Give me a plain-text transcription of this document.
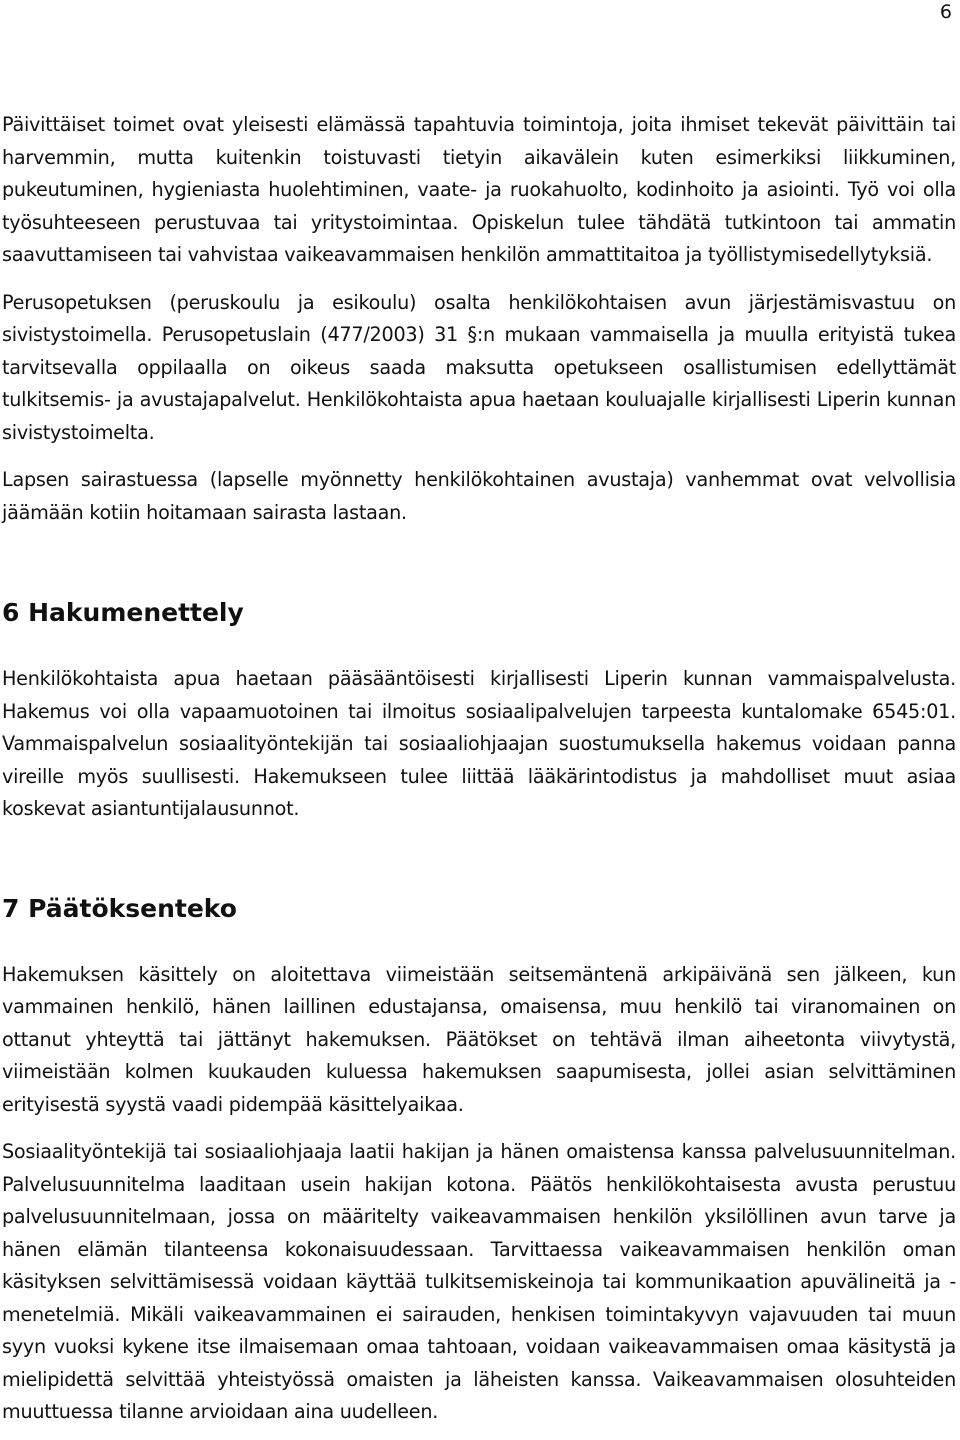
6

Päivittäiset toimet ovat yleisesti elämässä tapahtuvia toimintoja, joita ihmiset tekevät päivittäin tai harvemmin, mutta kuitenkin toistuvasti tietyin aikavälein kuten esimerkiksi liikkuminen, pukeutuminen, hygieniasta huolehtiminen, vaate- ja ruokahuolto, kodinhoito ja asiointi. Työ voi olla työsuhteeseen perustuvaa tai yritystoimintaa. Opiskelun tulee tähdätä tutkintoon tai ammatin saavuttamiseen tai vahvistaa vaikeavammaisen henkilön ammattitaitoa ja työllistymisedellytyksiä.

Perusopetuksen (peruskoulu ja esikoulu) osalta henkilökohtaisen avun järjestämisvastuu on sivistystoimella. Perusopetuslain (477/2003) 31 §:n mukaan vammaisella ja muulla erityistä tukea tarvitsevalla oppilaalla on oikeus saada maksutta opetukseen osallistumisen edellyttämät tulkitsemis- ja avustajapalvelut. Henkilökohtaista apua haetaan kouluajalle kirjallisesti Liperin kunnan sivistystoimelta.

Lapsen sairastuessa (lapselle myönnetty henkilökohtainen avustaja) vanhemmat ovat velvollisia jäämään kotiin hoitamaan sairasta lastaan.

6 Hakumenettely

Henkilökohtaista apua haetaan pääsääntöisesti kirjallisesti Liperin kunnan vammaispalvelusta. Hakemus voi olla vapaamuotoinen tai ilmoitus sosiaalipalvelujen tarpeesta kuntalomake 6545:01. Vammaispalvelun sosiaalityöntekijän tai sosiaaliohjaajan suostumuksella hakemus voidaan panna vireille myös suullisesti. Hakemukseen tulee liittää lääkärintodistus ja mahdolliset muut asiaa koskevat asiantuntijalausunnot.

7 Päätöksenteko

Hakemuksen käsittely on aloitettava viimeistään seitsemäntenä arkipäivänä sen jälkeen, kun vammainen henkilö, hänen laillinen edustajansa, omaisensa, muu henkilö tai viranomainen on ottanut yhteyttä tai jättänyt hakemuksen. Päätökset on tehtävä ilman aiheetonta viivytystä, viimeistään kolmen kuukauden kuluessa hakemuksen saapumisesta, jollei asian selvittäminen erityisestä syystä vaadi pidempää käsittelyaikaa.

Sosiaalityöntekijä tai sosiaaliohjaaja laatii hakijan ja hänen omaistensa kanssa palvelusuunnitelman. Palvelusuunnitelma laaditaan usein hakijan kotona. Päätös henkilökohtaisesta avusta perustuu palvelusuunnitelmaan, jossa on määritelty vaikeavammaisen henkilön yksilöllinen avun tarve ja hänen elämän tilanteensa kokonaisuudessaan. Tarvittaessa vaikeavammaisen henkilön oman käsityksen selvittämisessä voidaan käyttää tulkitsemiskeinoja tai kommunikaation apuvälineitä ja -menetelmiä. Mikäli vaikeavammainen ei sairauden, henkisen toimintakyvyn vajavuuden tai muun syyn vuoksi kykene itse ilmaisemaan omaa tahtoaan, voidaan vaikeavammaisen omaa käsitystä ja mielipidettä selvittää yhteistyössä omaisten ja läheisten kanssa. Vaikeavammaisen olosuhteiden muuttuessa tilanne arvioidaan aina uudelleen.
